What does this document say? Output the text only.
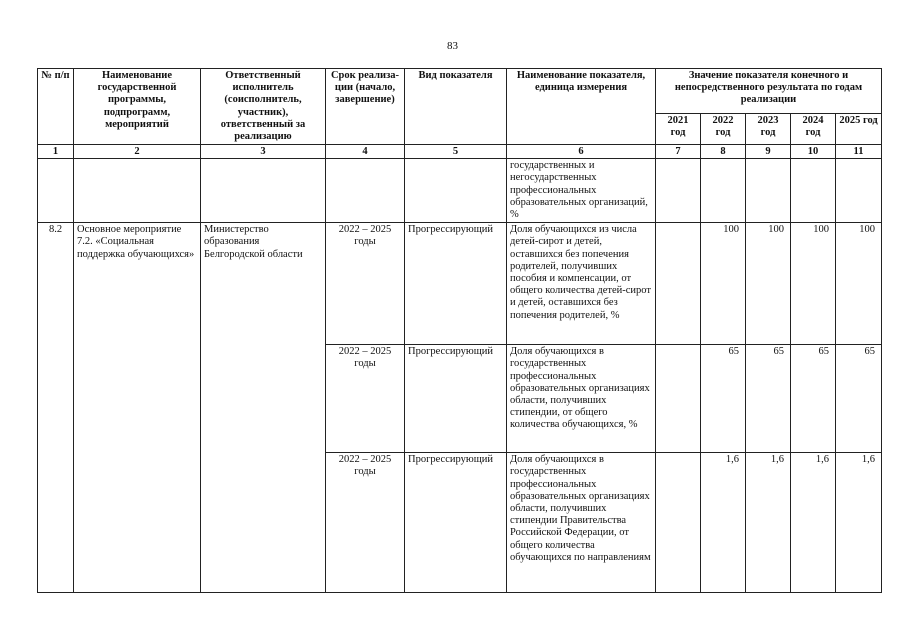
83
№ п/п	Наименование государственной программы, подпрограмм, мероприятий	Ответственный исполнитель (соисполнитель, участник), ответственный за реализацию	Срок реализа- ции (начало, завершение)	Вид показателя	Наименование показателя, единица измерения	Значение показателя конечного и непосредственного результата по годам реализации				
						2021 год	2022 год	2023 год	2024 год	2025 год
1	2	3	4	5	6	7	8	9	10	11
					государственных и негосударственных профессиональных образовательных организаций, %					
8.2	Основное мероприятие 7.2. «Социальная поддержка обучающихся»	Министерство образования Белгородской области	2022 – 2025 годы	Прогрессирующий	Доля обучающихся из числа детей-сирот и детей, оставшихся без попечения родителей, получивших пособия и компенсации, от общего количества детей-сирот и детей, оставшихся без попечения родителей, %		100	100	100	100
			2022 – 2025 годы	Прогрессирующий	Доля обучающихся в государственных профессиональных образовательных организациях области, получивших стипендии, от общего количества обучающихся, %		65	65	65	65
			2022 – 2025 годы	Прогрессирующий	Доля обучающихся в государственных профессиональных образовательных организациях области, получивших стипендии Правительства Российской Федерации, от общего количества обучающихся по направлениям		1,6	1,6	1,6	1,6
